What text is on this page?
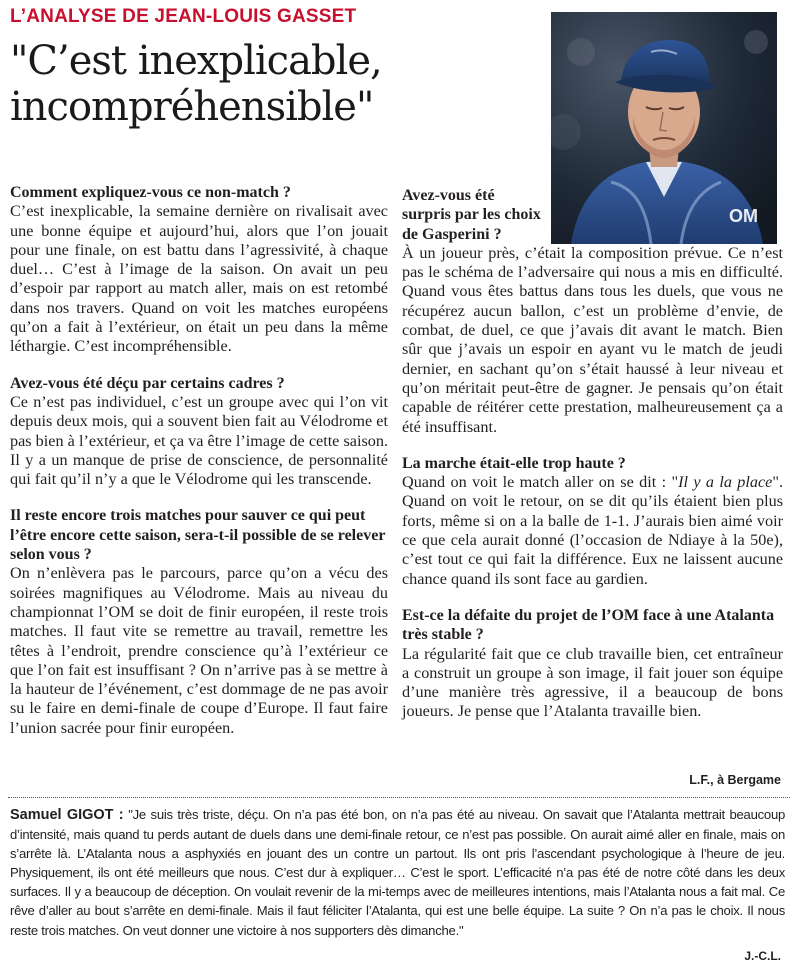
L’ANALYSE DE JEAN-LOUIS GASSET
"C’est inexplicable,
incompréhensible"
OM

Comment expliquez-vous ce non-match ?

C’est inexplicable, la semaine dernière on rivalisait avec une bonne équipe et aujourd’hui, alors que l’on jouait pour une finale, on est battu dans l’agressivité, à chaque duel… C’est à l’image de la saison. On avait un peu d’espoir par rapport au match aller, mais on est retombé dans nos travers. Quand on voit les matches européens qu’on a fait à l’extérieur, on était un peu dans la même léthargie. C’est incompréhensible.

Avez-vous été déçu par certains cadres ?

Ce n’est pas individuel, c’est un groupe avec qui l’on vit depuis deux mois, qui a souvent bien fait au Vélodrome et pas bien à l’extérieur, et ça va être l’image de cette saison. Il y a un manque de prise de conscience, de personnalité qui fait qu’il n’y a que le Vélodrome qui les transcende.

Il reste encore trois matches pour sauver ce qui peut l’être encore cette saison, sera-t-il possible de se relever selon vous ?

On n’enlèvera pas le parcours, parce qu’on a vécu des soirées magnifiques au Vélodrome. Mais au niveau du championnat l’OM se doit de finir européen, il reste trois matches. Il faut vite se remettre au travail, remettre les têtes à l’endroit, prendre conscience qu’à l’extérieur ce que l’on fait est insuffisant ? On n’arrive pas à se mettre à la hauteur de l’événement, c’est dommage de ne pas avoir su le faire en demi-finale de coupe d’Europe. Il faut faire l’union sacrée pour finir européen.

Avez-vous été surpris par les choix de Gasperini ?

À un joueur près, c’était la composition prévue. Ce n’est pas le schéma de l’adversaire qui nous a mis en difficulté. Quand vous êtes battus dans tous les duels, que vous ne récupérez aucun ballon, c’est un problème d’envie, de combat, de duel, ce que j’avais dit avant le match. Bien sûr que j’avais un espoir en ayant vu le match de jeudi dernier, en sachant qu’on s’était haussé à leur niveau et qu’on méritait peut-être de gagner. Je pensais qu’on était capable de réitérer cette prestation, malheureusement ça a été insuffisant.

La marche était-elle trop haute ?

Quand on voit le match aller on se dit : "Il y a la place". Quand on voit le retour, on se dit qu’ils étaient bien plus forts, même si on a la balle de 1-1. J’aurais bien aimé voir ce que cela aurait donné (l’occasion de Ndiaye à la 50e), c’est tout ce qui fait la différence. Eux ne laissent aucune chance quand ils sont face au gardien.

Est-ce la défaite du projet de l’OM face à une Atalanta très stable ?

La régularité fait que ce club travaille bien, cet entraîneur a construit un groupe à son image, il fait jouer son équipe d’une manière très agressive, il a beaucoup de bons joueurs. Je pense que l’Atalanta travaille bien.

L.F., à Bergame
Samuel GIGOT : "Je suis très triste, déçu. On n’a pas été bon, on n’a pas été au niveau. On savait que l’Atalanta mettrait beaucoup d’intensité, mais quand tu perds autant de duels dans une demi-finale retour, ce n’est pas possible. On aurait aimé aller en finale, mais on s’arrête là. L’Atalanta nous a asphyxiés en jouant des un contre un partout. Ils ont pris l’ascendant psychologique à l’heure de jeu. Physiquement, ils ont été meilleurs que nous. C’est dur à expliquer… C’est le sport. L’efficacité n’a pas été de notre côté dans les deux surfaces. Il y a beaucoup de déception. On voulait revenir de la mi-temps avec de meilleures intentions, mais l’Atalanta nous a fait mal. Ce rêve d’aller au bout s’arrête en demi-finale. Mais il faut féliciter l’Atalanta, qui est une belle équipe. La suite ? On n’a pas le choix. Il nous reste trois matches. On veut donner une victoire à nos supporters dès dimanche."
J.-C.L.
